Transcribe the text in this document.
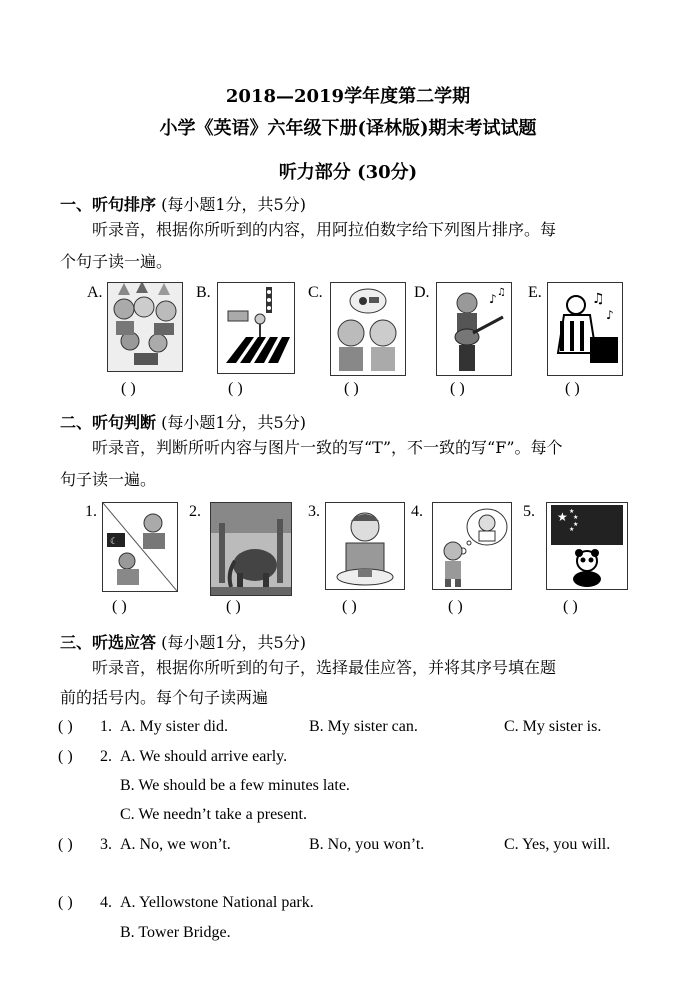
2018—2019学年度第二学期
小学《英语》六年级下册(译林版)期末考试试题
听力部分 (30分)
一、听句排序 (每小题1分，共5分)
听录音，根据你所听到的内容，用阿拉伯数字给下列图片排序。每
个句子读一遍。
A.	B.	C.	D.	E.
♪ ♫	♫
♪
( )	( )	( )	( )	( )
二、听句判断 (每小题1分，共5分)
听录音，判断所听内容与图片一致的写“T”，不一致的写“F”。每个
句子读一遍。
1.	2.	3.	4.	5.
☾
★ ★
★
★
★
( )	( )	( )	( )	( )
三、听选应答 (每小题1分，共5分)
听录音，根据你所听到的句子，选择最佳应答，并将其序号填在题
前的括号内。每个句子读两遍
( ) 1. A. My sister did.	B. My sister can.	C. My sister is.
( ) 2. A. We should arrive early.
B. We should be a few minutes late.
C. We needn’t take a present.
( ) 3. A. No, we won’t.	B. No, you won’t.	C. Yes, you will.
( ) 4. A. Yellowstone National park.
B. Tower Bridge.
